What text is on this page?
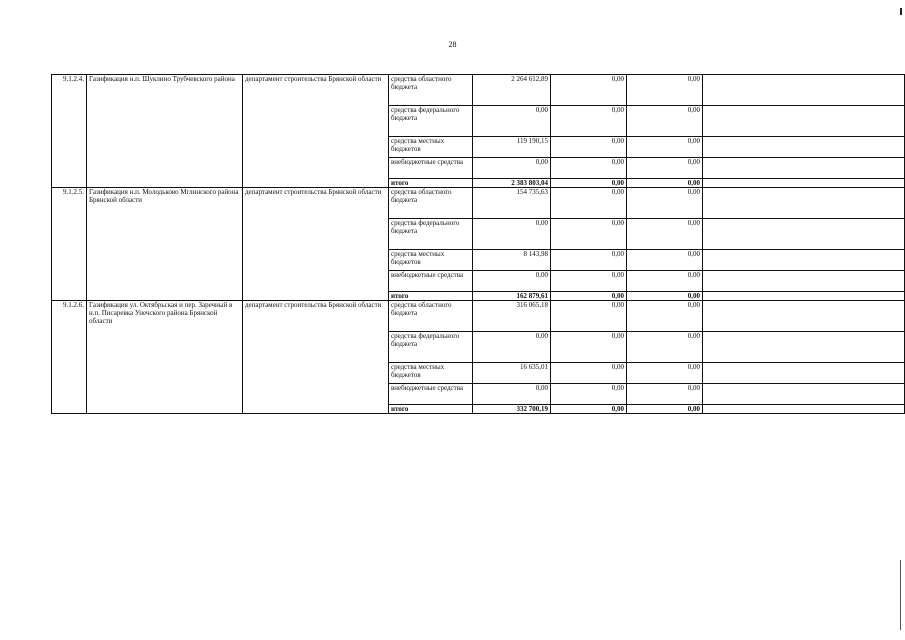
28
9.1.2.4.	Газификация н.п. Шуклино Трубчевского района	департамент строительства Брянской области	средства областного бюджета	2 264 612,89	0,00	0,00	
			средства федерального бюджета	0,00	0,00	0,00	
			средства местных бюджетов	119 190,15	0,00	0,00	
			внебюджетные средства	0,00	0,00	0,00	
			итого	2 383 803,04	0,00	0,00	
9.1.2.5.	Газификация н.п. Молодьково Мглинского района Брянской области	департамент строительства Брянской области	средства областного бюджета	154 735,63	0,00	0,00	
			средства федерального бюджета	0,00	0,00	0,00	
			средства местных бюджетов	8 143,98	0,00	0,00	
			внебюджетные средства	0,00	0,00	0,00	
			итого	162 879,61	0,00	0,00	
9.1.2.6.	Газификация ул. Октябрьская и пер. Заречный в н.п. Писаревка Унечского района Брянской области	департамент строительства Брянской области	средства областного бюджета	316 065,18	0,00	0,00	
			средства федерального бюджета	0,00	0,00	0,00	
			средства местных бюджетов	16 635,01	0,00	0,00	
			внебюджетные средства	0,00	0,00	0,00	
			итого	332 700,19	0,00	0,00	
